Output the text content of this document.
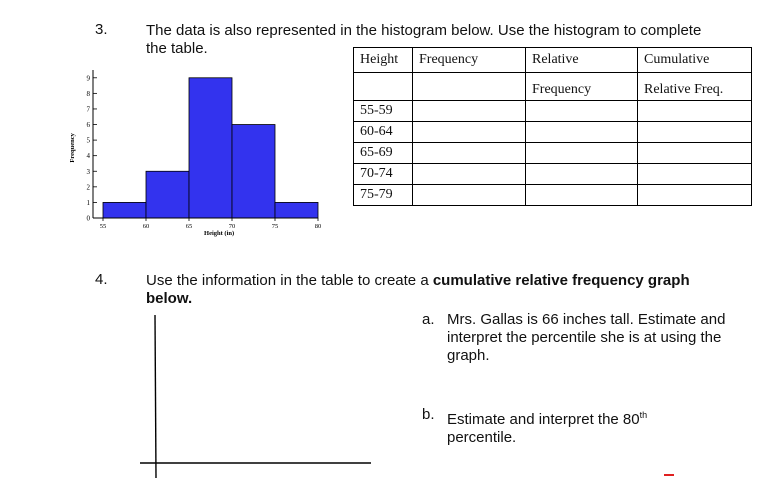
3.	The data is also represented in the histogram below. Use the histogram to complete the table.
Height	Frequency	Relative	Cumulative
		Frequency	Relative Freq.
55-59			
60-64			
65-69			
70-74			
75-79			
0
1
2
3
4
5
6
7
8
9
55	60	65	70	75	80
Height (in)
Frequency
4.	Use the information in the table to create a cumulative relative frequency graph below.
a. Mrs. Gallas is 66 inches tall. Estimate and interpret the percentile she is at using the graph.
b. Estimate and interpret the 80th
percentile.
